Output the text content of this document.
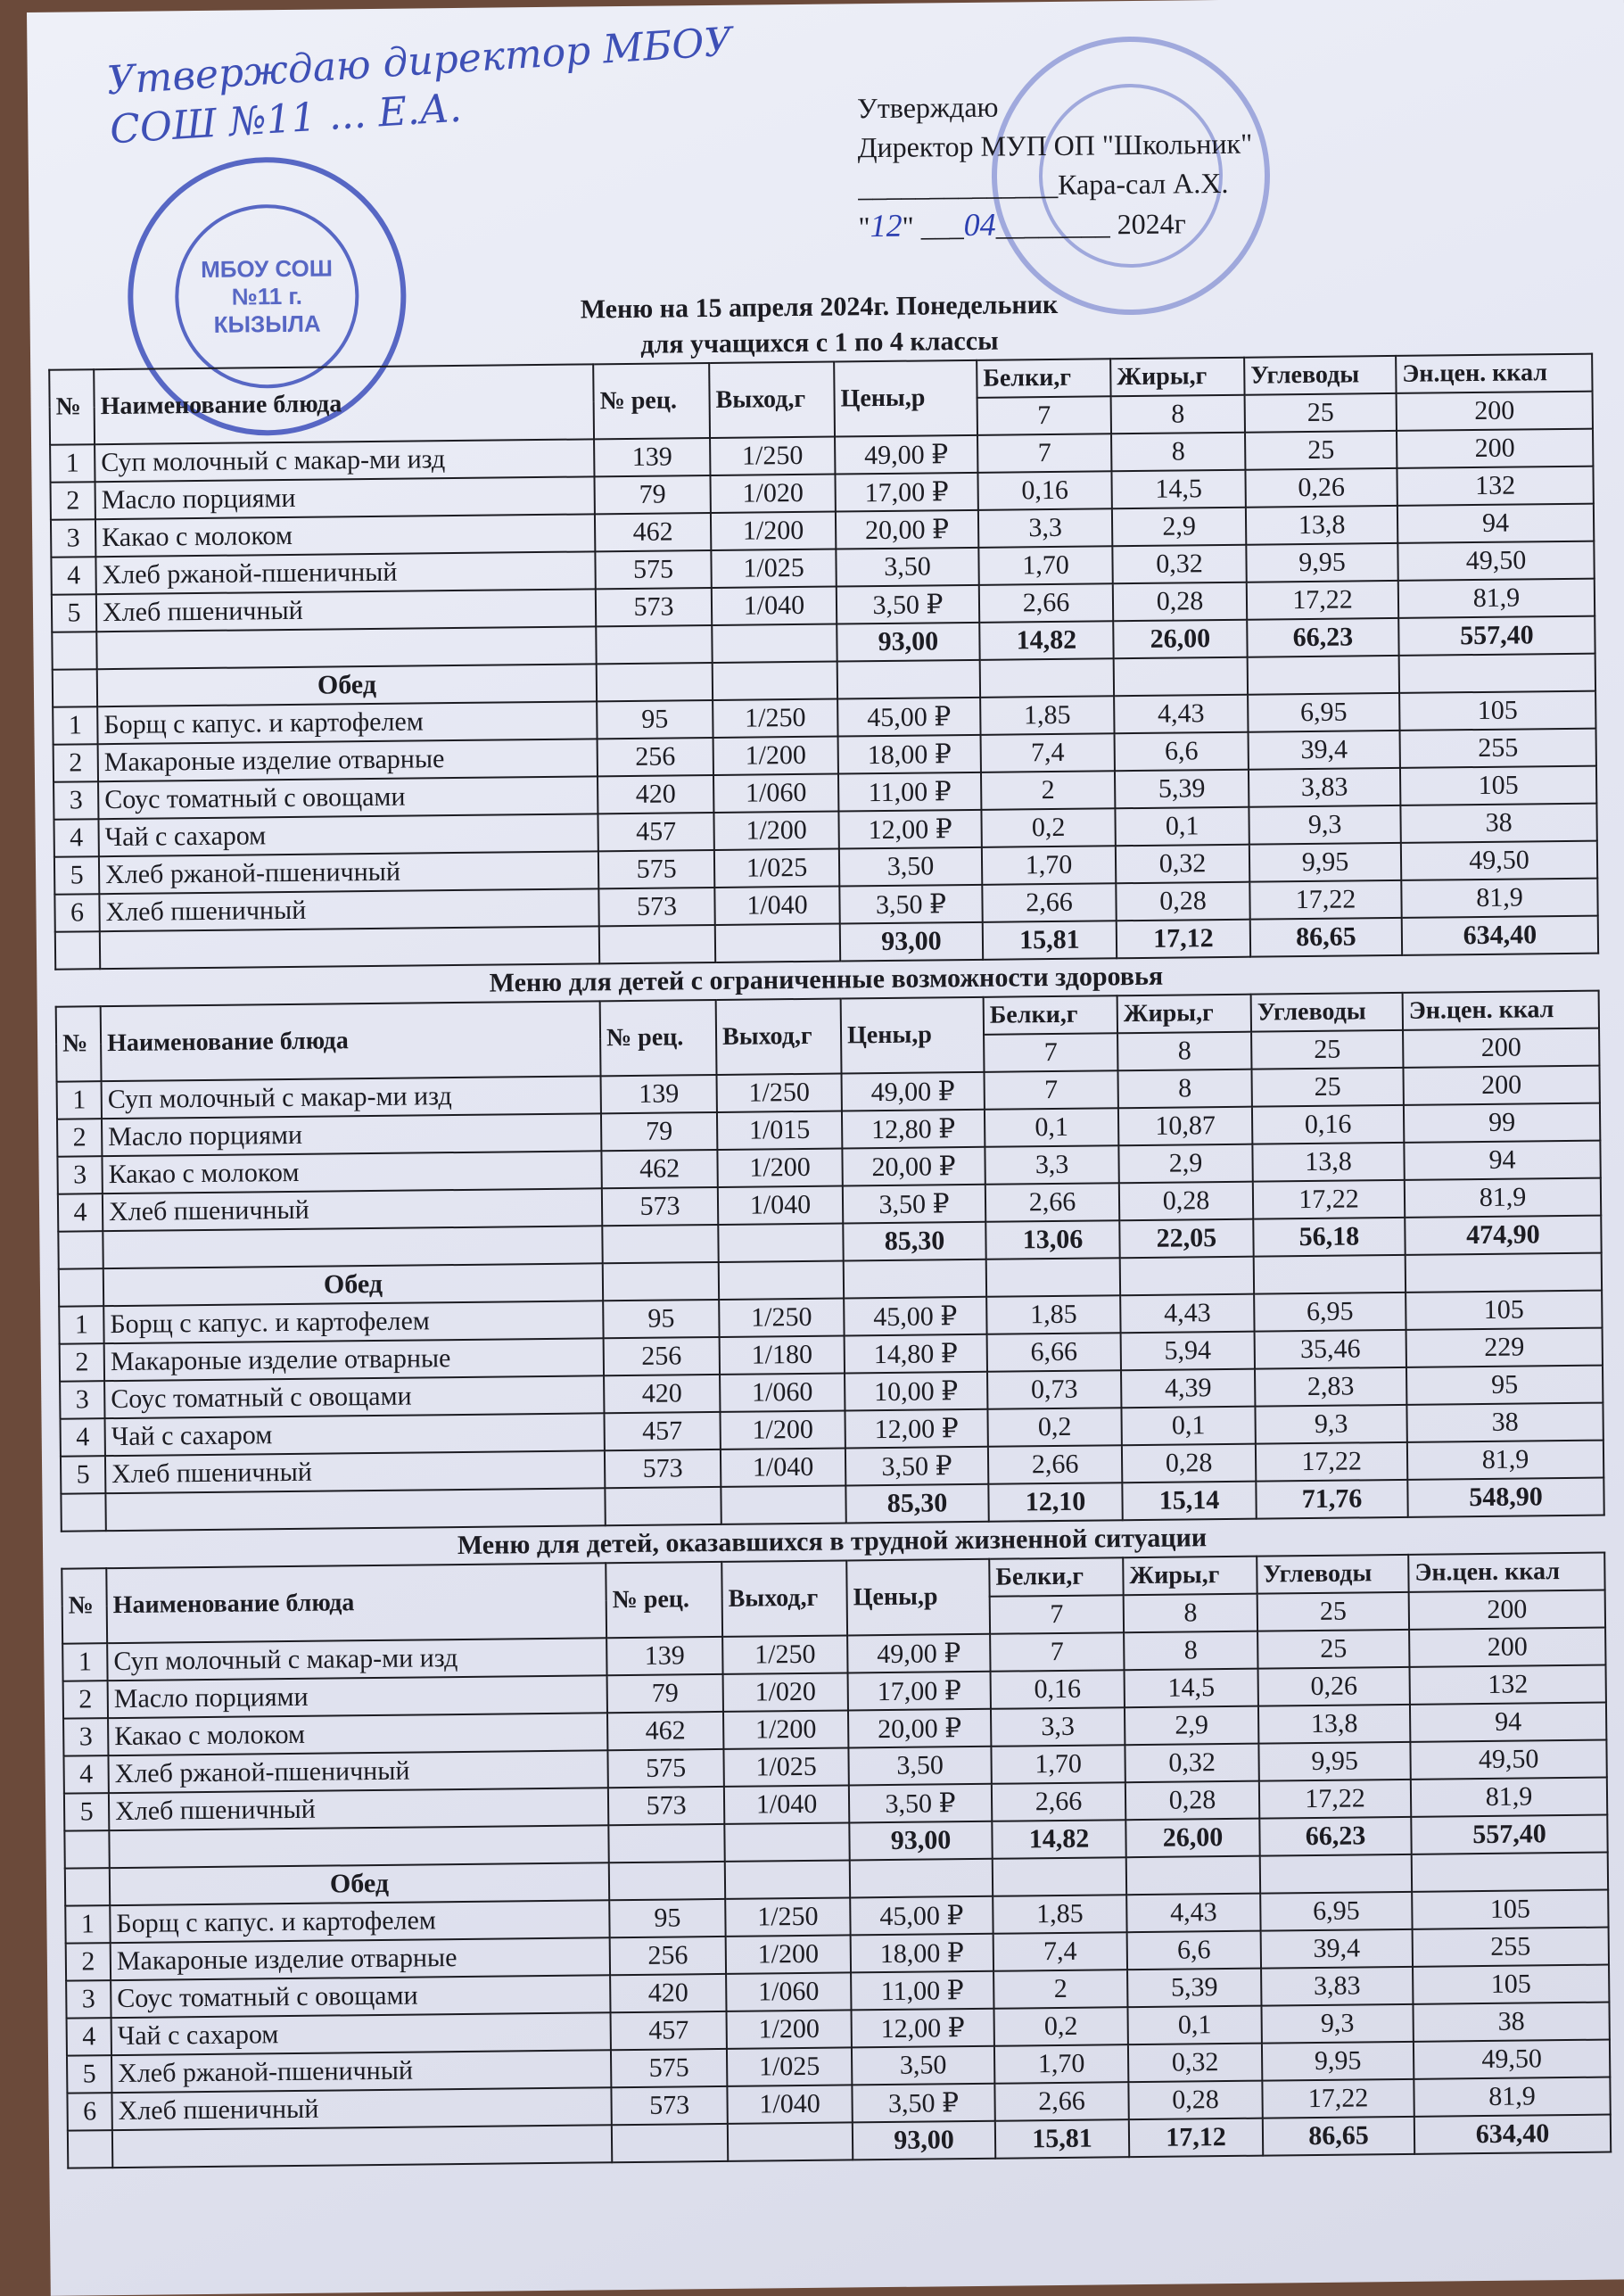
МБОУ СОШ №11 г. КЫЗЫЛА
Утверждаю директор МБОУ СОШ №11 ... Е.А.	Утверждаю
Директор МУП ОП "Школьник"
______________Кара-сал А.Х.
"12" ___04________ 2024г
Меню на 15 апреля 2024г. Понедельник
для учащихся с 1 по 4 классы
№	Наименование блюда	№ рец.	Выход,г	Цены,р	Белки,г	Жиры,г	Углеводы	Эн.цен. ккал
					7	8	25	200
1	Суп молочный с макар-ми изд	139	1/250	49,00 ₽	7	8	25	200
2	Масло порциями	79	1/020	17,00 ₽	0,16	14,5	0,26	132
3	Какао с молоком	462	1/200	20,00 ₽	3,3	2,9	13,8	94
4	Хлеб ржаной-пшеничный	575	1/025	3,50	1,70	0,32	9,95	49,50
5	Хлеб пшеничный	573	1/040	3,50 ₽	2,66	0,28	17,22	81,9
				93,00	14,82	26,00	66,23	557,40
	Обед							
1	Борщ с капус. и картофелем	95	1/250	45,00 ₽	1,85	4,43	6,95	105
2	Макароные изделие отварные	256	1/200	18,00 ₽	7,4	6,6	39,4	255
3	Соус томатный с овощами	420	1/060	11,00 ₽	2	5,39	3,83	105
4	Чай с сахаром	457	1/200	12,00 ₽	0,2	0,1	9,3	38
5	Хлеб ржаной-пшеничный	575	1/025	3,50	1,70	0,32	9,95	49,50
6	Хлеб пшеничный	573	1/040	3,50 ₽	2,66	0,28	17,22	81,9
				93,00	15,81	17,12	86,65	634,40
Меню для детей с ограниченные возможности здоровья
№	Наименование блюда	№ рец.	Выход,г	Цены,р	Белки,г	Жиры,г	Углеводы	Эн.цен. ккал
					7	8	25	200
1	Суп молочный с макар-ми изд	139	1/250	49,00 ₽	7	8	25	200
2	Масло порциями	79	1/015	12,80 ₽	0,1	10,87	0,16	99
3	Какао с молоком	462	1/200	20,00 ₽	3,3	2,9	13,8	94
4	Хлеб пшеничный	573	1/040	3,50 ₽	2,66	0,28	17,22	81,9
				85,30	13,06	22,05	56,18	474,90
	Обед							
1	Борщ с капус. и картофелем	95	1/250	45,00 ₽	1,85	4,43	6,95	105
2	Макароные изделие отварные	256	1/180	14,80 ₽	6,66	5,94	35,46	229
3	Соус томатный с овощами	420	1/060	10,00 ₽	0,73	4,39	2,83	95
4	Чай с сахаром	457	1/200	12,00 ₽	0,2	0,1	9,3	38
5	Хлеб пшеничный	573	1/040	3,50 ₽	2,66	0,28	17,22	81,9
				85,30	12,10	15,14	71,76	548,90
Меню для детей, оказавшихся в трудной жизненной ситуации
№	Наименование блюда	№ рец.	Выход,г	Цены,р	Белки,г	Жиры,г	Углеводы	Эн.цен. ккал
					7	8	25	200
1	Суп молочный с макар-ми изд	139	1/250	49,00 ₽	7	8	25	200
2	Масло порциями	79	1/020	17,00 ₽	0,16	14,5	0,26	132
3	Какао с молоком	462	1/200	20,00 ₽	3,3	2,9	13,8	94
4	Хлеб ржаной-пшеничный	575	1/025	3,50	1,70	0,32	9,95	49,50
5	Хлеб пшеничный	573	1/040	3,50 ₽	2,66	0,28	17,22	81,9
				93,00	14,82	26,00	66,23	557,40
	Обед							
1	Борщ с капус. и картофелем	95	1/250	45,00 ₽	1,85	4,43	6,95	105
2	Макароные изделие отварные	256	1/200	18,00 ₽	7,4	6,6	39,4	255
3	Соус томатный с овощами	420	1/060	11,00 ₽	2	5,39	3,83	105
4	Чай с сахаром	457	1/200	12,00 ₽	0,2	0,1	9,3	38
5	Хлеб ржаной-пшеничный	575	1/025	3,50	1,70	0,32	9,95	49,50
6	Хлеб пшеничный	573	1/040	3,50 ₽	2,66	0,28	17,22	81,9
				93,00	15,81	17,12	86,65	634,40
